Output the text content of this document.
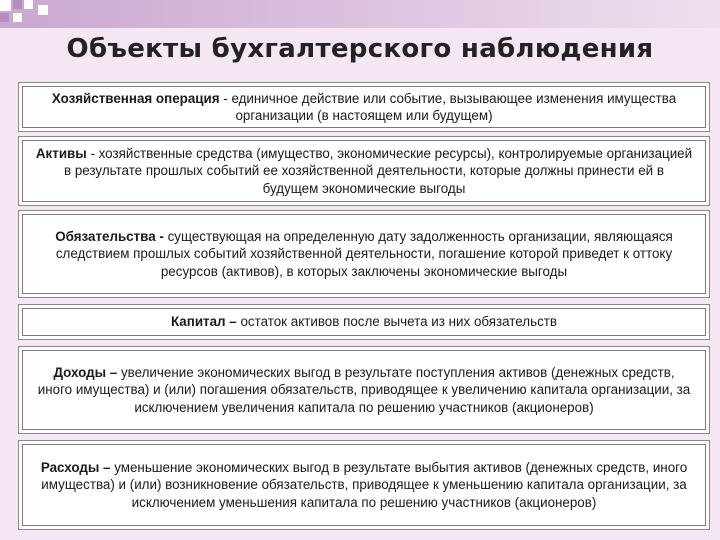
Объекты бухгалтерского наблюдения

Хозяйственная операция - единичное действие или событие, вызывающее изменения имущества организации (в настоящем или будущем)

Активы - хозяйственные средства (имущество, экономические ресурсы), контролируемые организацией в результате прошлых событий ее хозяйственной деятельности, которые должны принести ей в будущем экономические выгоды

Обязательства - существующая на определенную дату задолженность организации, являющаяся следствием прошлых событий хозяйственной деятельности, погашение которой приведет к оттоку ресурсов (активов), в которых заключены экономические выгоды

Капитал – остаток активов после вычета из них обязательств

Доходы – увеличение экономических выгод в результате поступления активов (денежных средств, иного имущества) и (или) погашения обязательств, приводящее к увеличению капитала организации, за исключением увеличения капитала по решению участников (акционеров)

Расходы – уменьшение экономических выгод в результате выбытия активов (денежных средств, иного имущества) и (или) возникновение обязательств, приводящее к уменьшению капитала организации, за исключением уменьшения капитала по решению участников (акционеров)
